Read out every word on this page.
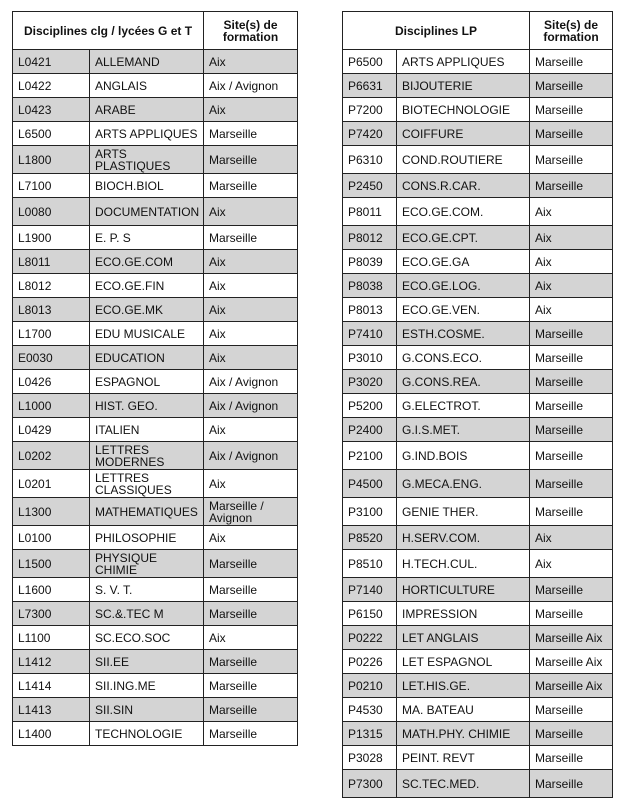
Disciplines clg / lycées G et T		Site(s) de formation
L0421	ALLEMAND	Aix
L0422	ANGLAIS	Aix / Avignon
L0423	ARABE	Aix
L6500	ARTS APPLIQUES	Marseille
L1800	ARTS PLASTIQUES	Marseille
L7100	BIOCH.BIOL	Marseille
L0080	DOCUMENTATION	Aix
L1900	E. P. S	Marseille
L8011	ECO.GE.COM	Aix
L8012	ECO.GE.FIN	Aix
L8013	ECO.GE.MK	Aix
L1700	EDU MUSICALE	Aix
E0030	EDUCATION	Aix
L0426	ESPAGNOL	Aix / Avignon
L1000	HIST. GEO.	Aix / Avignon
L0429	ITALIEN	Aix
L0202	LETTRES MODERNES	Aix / Avignon
L0201	LETTRES CLASSIQUES	Aix
L1300	MATHEMATIQUES	Marseille / Avignon
L0100	PHILOSOPHIE	Aix
L1500	PHYSIQUE CHIMIE	Marseille
L1600	S. V. T.	Marseille
L7300	SC.&.TEC M	Marseille
L1100	SC.ECO.SOC	Aix
L1412	SII.EE	Marseille
L1414	SII.ING.ME	Marseille
L1413	SII.SIN	Marseille
L1400	TECHNOLOGIE	Marseille
Disciplines LP		Site(s) de formation
P6500	ARTS APPLIQUES	Marseille
P6631	BIJOUTERIE	Marseille
P7200	BIOTECHNOLOGIE	Marseille
P7420	COIFFURE	Marseille
P6310	COND.ROUTIERE	Marseille
P2450	CONS.R.CAR.	Marseille
P8011	ECO.GE.COM.	Aix
P8012	ECO.GE.CPT.	Aix
P8039	ECO.GE.GA	Aix
P8038	ECO.GE.LOG.	Aix
P8013	ECO.GE.VEN.	Aix
P7410	ESTH.COSME.	Marseille
P3010	G.CONS.ECO.	Marseille
P3020	G.CONS.REA.	Marseille
P5200	G.ELECTROT.	Marseille
P2400	G.I.S.MET.	Marseille
P2100	G.IND.BOIS	Marseille
P4500	G.MECA.ENG.	Marseille
P3100	GENIE THER.	Marseille
P8520	H.SERV.COM.	Aix
P8510	H.TECH.CUL.	Aix
P7140	HORTICULTURE	Marseille
P6150	IMPRESSION	Marseille
P0222	LET ANGLAIS	Marseille Aix
P0226	LET ESPAGNOL	Marseille Aix
P0210	LET.HIS.GE.	Marseille Aix
P4530	MA. BATEAU	Marseille
P1315	MATH.PHY. CHIMIE	Marseille
P3028	PEINT. REVT	Marseille
P7300	SC.TEC.MED.	Marseille
